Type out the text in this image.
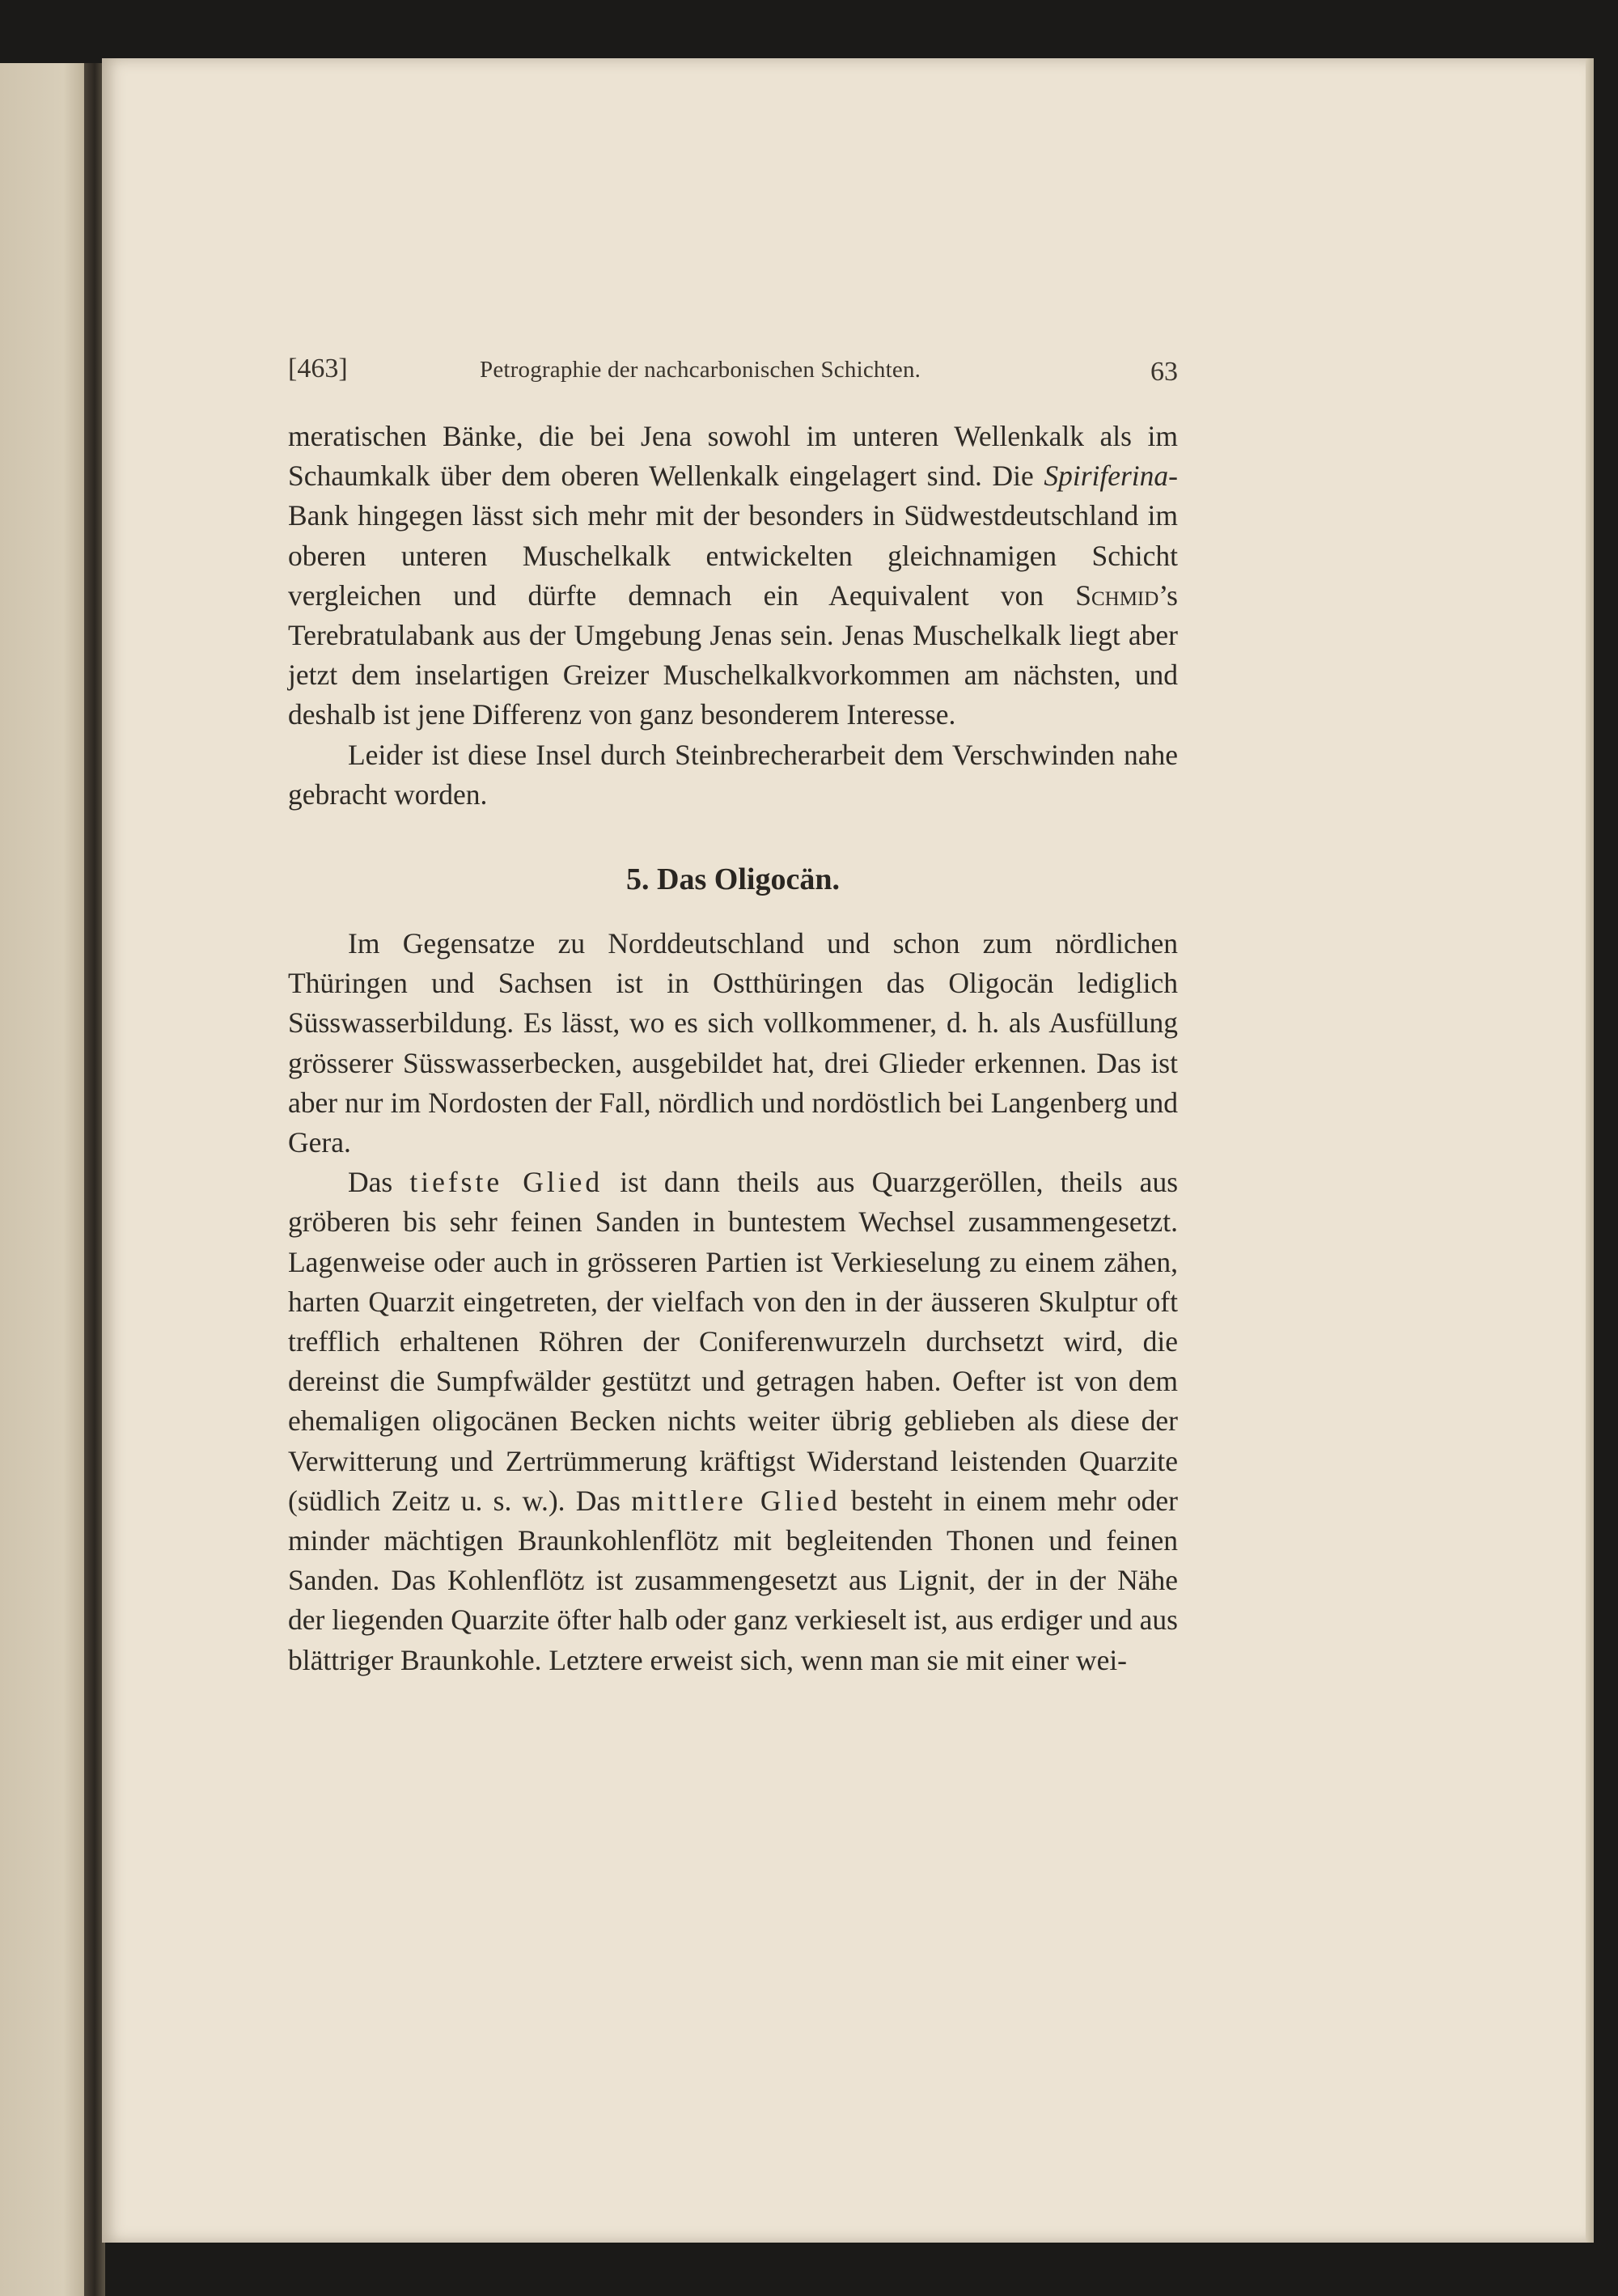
[463]	Petrographie der nachcarbonischen Schichten.	63

meratischen Bänke, die bei Jena sowohl im unteren Wellenkalk als im Schaumkalk über dem oberen Wellenkalk eingelagert sind. Die Spiriferina-Bank hingegen lässt sich mehr mit der besonders in Südwestdeutschland im oberen unteren Muschelkalk entwickelten gleichnamigen Schicht vergleichen und dürfte demnach ein Aequivalent von Schmid’s Terebratulabank aus der Umgebung Jenas sein. Jenas Muschelkalk liegt aber jetzt dem inselartigen Greizer Muschelkalkvorkommen am nächsten, und deshalb ist jene Differenz von ganz besonderem Interesse.

Leider ist diese Insel durch Steinbrecherarbeit dem Verschwinden nahe gebracht worden.

5. Das Oligocän.

Im Gegensatze zu Norddeutschland und schon zum nördlichen Thüringen und Sachsen ist in Ostthüringen das Oligocän lediglich Süsswasserbildung. Es lässt, wo es sich vollkommener, d. h. als Ausfüllung grösserer Süsswasserbecken, ausgebildet hat, drei Glieder erkennen. Das ist aber nur im Nordosten der Fall, nördlich und nordöstlich bei Langenberg und Gera.

Das tiefste Glied ist dann theils aus Quarzgeröllen, theils aus gröberen bis sehr feinen Sanden in buntestem Wechsel zusammengesetzt. Lagenweise oder auch in grösseren Partien ist Verkieselung zu einem zähen, harten Quarzit eingetreten, der vielfach von den in der äusseren Skulptur oft trefflich erhaltenen Röhren der Coniferenwurzeln durchsetzt wird, die dereinst die Sumpfwälder gestützt und getragen haben. Oefter ist von dem ehemaligen oligocänen Becken nichts weiter übrig geblieben als diese der Verwitterung und Zertrümmerung kräftigst Widerstand leistenden Quarzite (südlich Zeitz u. s. w.). Das mittlere Glied besteht in einem mehr oder minder mächtigen Braunkohlenflötz mit begleitenden Thonen und feinen Sanden. Das Kohlenflötz ist zusammengesetzt aus Lignit, der in der Nähe der liegenden Quarzite öfter halb oder ganz verkieselt ist, aus erdiger und aus blättriger Braunkohle. Letztere erweist sich, wenn man sie mit einer wei-
